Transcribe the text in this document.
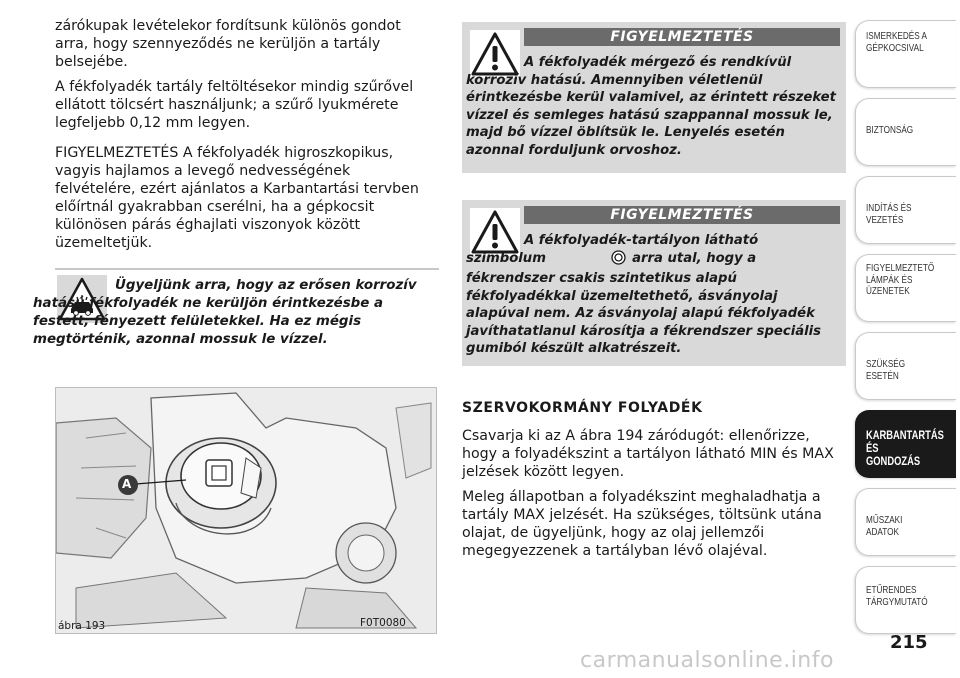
zárókupak levételekor fordítsunk különös gondot arra, hogy szennyeződés ne kerüljön a tartály belsejébe.

A fékfolyadék tartály feltöltésekor mindig szűrővel ellátott tölcsért használjunk; a szűrő lyukmérete legfeljebb 0,12 mm legyen.

FIGYELMEZTETÉS A fékfolyadék higroszkopikus, vagyis hajlamos a levegő nedvességének felvételére, ezért ajánlatos a Karbantartási tervben előírtnál gyakrabban cserélni, ha a gépkocsit különösen párás éghajlati viszonyok között üzemeltetjük.

Ügyeljünk arra, hogy az erősen korrozív hatású fékfolyadék ne kerüljön érintkezésbe a festett, fényezett felületekkel. Ha ez mégis megtörténik, azonnal mossuk le vízzel.
A
ábra 193	F0T0080
FIGYELMEZTETÉS
A fékfolyadék mérgező és rendkívül korrozív hatású. Amennyiben véletlenül érintkezésbe kerül valamivel, az érintett részeket vízzel és semleges hatású szappannal mossuk le, majd bő vízzel öblítsük le. Lenyelés esetén azonnal forduljunk orvoshoz.
FIGYELMEZTETÉS
A fékfolyadék-tartályon látható szimbólum	arra utal, hogy a fékrendszer csakis szintetikus alapú fékfolyadékkal üzemeltethető, ásványolaj alapúval nem. Az ásványolaj alapú fékfolyadék javíthatatlanul károsítja a fékrendszer speciális gumiból készült alkatrészeit.
SZERVOKORMÁNY FOLYADÉK

Csavarja ki az A ábra 194 záródugót: ellenőrizze, hogy a folyadékszint a tartályon látható MIN és MAX jelzések között legyen.

Meleg állapotban a folyadékszint meghaladhatja a tartály MAX jelzését. Ha szükséges, töltsünk utána olajat, de ügyeljünk, hogy az olaj jellemzői megegyezzenek a tartályban lévő olajéval.

ISMERKEDÉS A
GÉPKOCSIVAL
BIZTONSÁG
INDÍTÁS ÉS VEZETÉS
FIGYELMEZTETŐ
LÁMPÁK ÉS
ÜZENETEK
SZÜKSÉG ESETÉN
KARBANTARTÁS
ÉS GONDOZÁS
MŰSZAKI ADATOK
ETŰRENDES
TÁRGYMUTATÓ
215
carmanualsonline.info
